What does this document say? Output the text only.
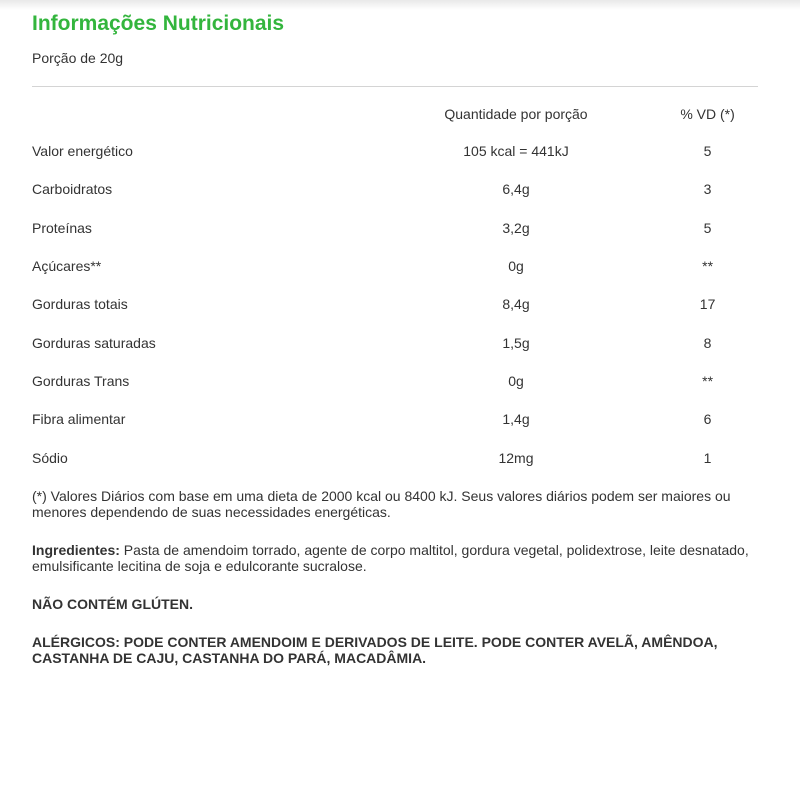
Informações Nutricionais
Porção de 20g
	Quantidade por porção	% VD (*)
Valor energético	105 kcal = 441kJ	5
Carboidratos	6,4g	3
Proteínas	3,2g	5
Açúcares**	0g	**
Gorduras totais	8,4g	17
Gorduras saturadas	1,5g	8
Gorduras Trans	0g	**
Fibra alimentar	1,4g	6
Sódio	12mg	1

(*) Valores Diários com base em uma dieta de 2000 kcal ou 8400 kJ. Seus valores diários podem ser maiores ou menores dependendo de suas necessidades energéticas.

Ingredientes: Pasta de amendoim torrado, agente de corpo maltitol, gordura vegetal, polidextrose, leite desnatado, emulsificante lecitina de soja e edulcorante sucralose.

NÃO CONTÉM GLÚTEN.

ALÉRGICOS: PODE CONTER AMENDOIM E DERIVADOS DE LEITE. PODE CONTER AVELÃ, AMÊNDOA, CASTANHA DE CAJU, CASTANHA DO PARÁ, MACADÂMIA.
